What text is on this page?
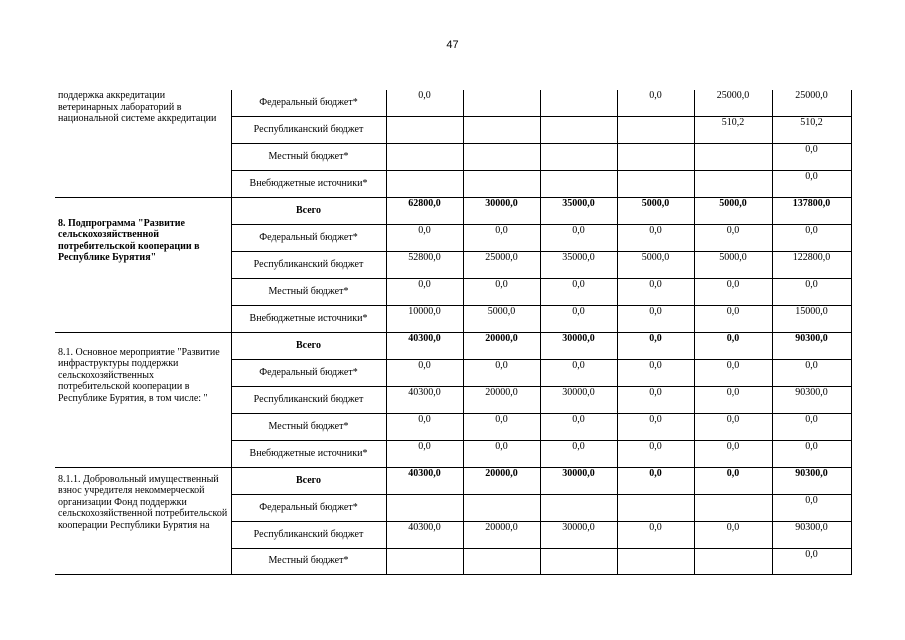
47
поддержка аккредитации ветеринарных лабораторий в национальной системе аккредитации	Федеральный бюджет*	0,0			0,0	25000,0	25000,0
	Республиканский бюджет					510,2	510,2
	Местный бюджет*						0,0
	Внебюджетные источники*						0,0
8. Подпрограмма "Развитие сельскохозяйственной потребительской кооперации в Республике Бурятия"	Всего	62800,0	30000,0	35000,0	5000,0	5000,0	137800,0
	Федеральный бюджет*	0,0	0,0	0,0	0,0	0,0	0,0
	Республиканский бюджет	52800,0	25000,0	35000,0	5000,0	5000,0	122800,0
	Местный бюджет*	0,0	0,0	0,0	0,0	0,0	0,0
	Внебюджетные источники*	10000,0	5000,0	0,0	0,0	0,0	15000,0
8.1. Основное мероприятие "Развитие инфраструктуры поддержки сельскохозяйственных потребительской кооперации в Республике Бурятия, в том числе: "	Всего	40300,0	20000,0	30000,0	0,0	0,0	90300,0
	Федеральный бюджет*	0,0	0,0	0,0	0,0	0,0	0,0
	Республиканский бюджет	40300,0	20000,0	30000,0	0,0	0,0	90300,0
	Местный бюджет*	0,0	0,0	0,0	0,0	0,0	0,0
	Внебюджетные источники*	0,0	0,0	0,0	0,0	0,0	0,0
8.1.1. Добровольный имущественный взнос учредителя некоммерческой организации Фонд поддержки сельскохозяйственной потребительской кооперации Республики Бурятия на	Всего	40300,0	20000,0	30000,0	0,0	0,0	90300,0
	Федеральный бюджет*						0,0
	Республиканский бюджет	40300,0	20000,0	30000,0	0,0	0,0	90300,0
	Местный бюджет*						0,0
